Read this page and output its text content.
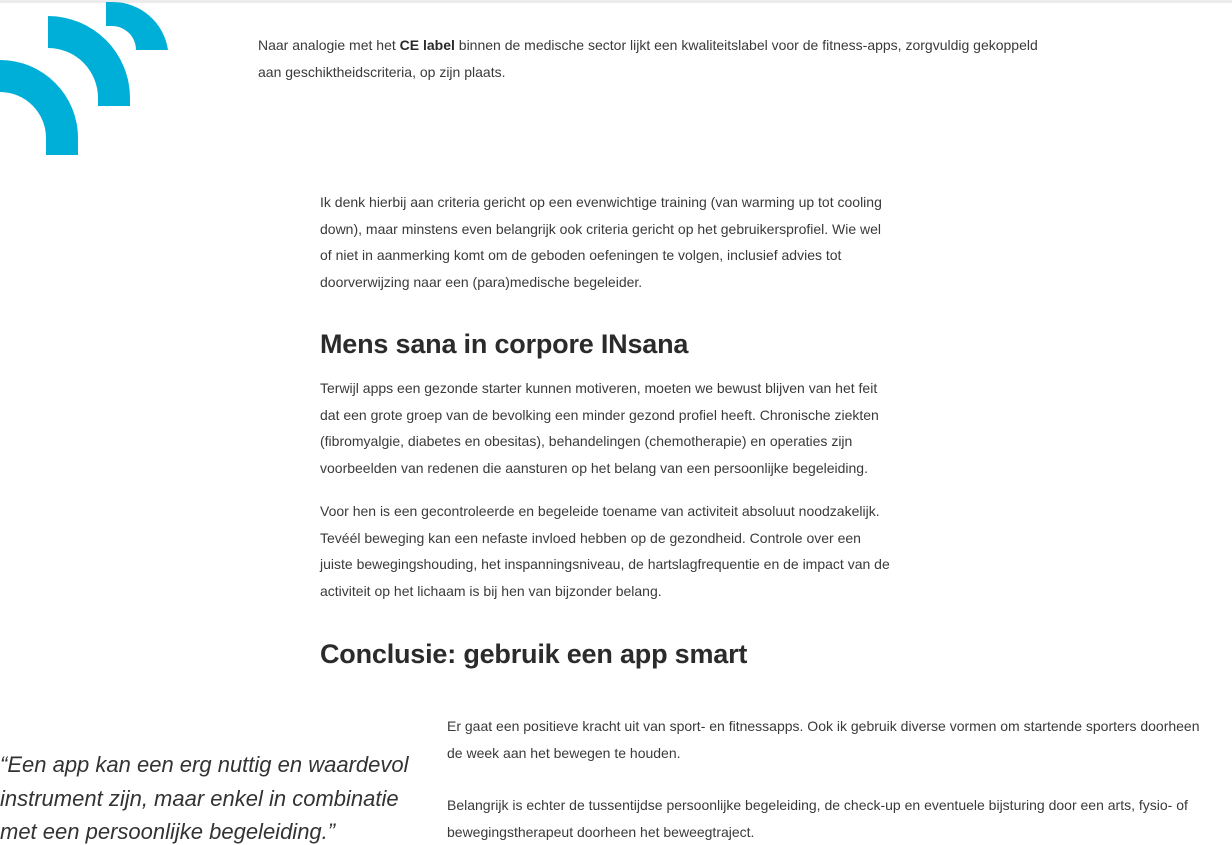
Naar analogie met het CE label binnen de medische sector lijkt een kwaliteitslabel voor de fitness-apps, zorgvuldig gekoppeld aan geschiktheidscriteria, op zijn plaats.

Ik denk hierbij aan criteria gericht op een evenwichtige training (van warming up tot cooling down), maar minstens even belangrijk ook criteria gericht op het gebruikersprofiel. Wie wel of niet in aanmerking komt om de geboden oefeningen te volgen, inclusief advies tot doorverwijzing naar een (para)medische begeleider.

Mens sana in corpore INsana

Terwijl apps een gezonde starter kunnen motiveren, moeten we bewust blijven van het feit dat een grote groep van de bevolking een minder gezond profiel heeft. Chronische ziekten (fibromyalgie, diabetes en obesitas), behandelingen (chemotherapie) en operaties zijn voorbeelden van redenen die aansturen op het belang van een persoonlijke begeleiding.

Voor hen is een gecontroleerde en begeleide toename van activiteit absoluut noodzakelijk. Tevéél beweging kan een nefaste invloed hebben op de gezondheid. Controle over een juiste bewegingshouding, het inspanningsniveau, de hartslagfrequentie en de impact van de activiteit op het lichaam is bij hen van bijzonder belang.

Conclusie: gebruik een app smart

“Een app kan een erg nuttig en waardevol instrument zijn, maar enkel in combinatie met een persoonlijke begeleiding.”

Er gaat een positieve kracht uit van sport- en fitnessapps. Ook ik gebruik diverse vormen om startende sporters doorheen de week aan het bewegen te houden.

Belangrijk is echter de tussentijdse persoonlijke begeleiding, de check-up en eventuele bijsturing door een arts, fysio- of bewegingstherapeut doorheen het beweegtraject.
